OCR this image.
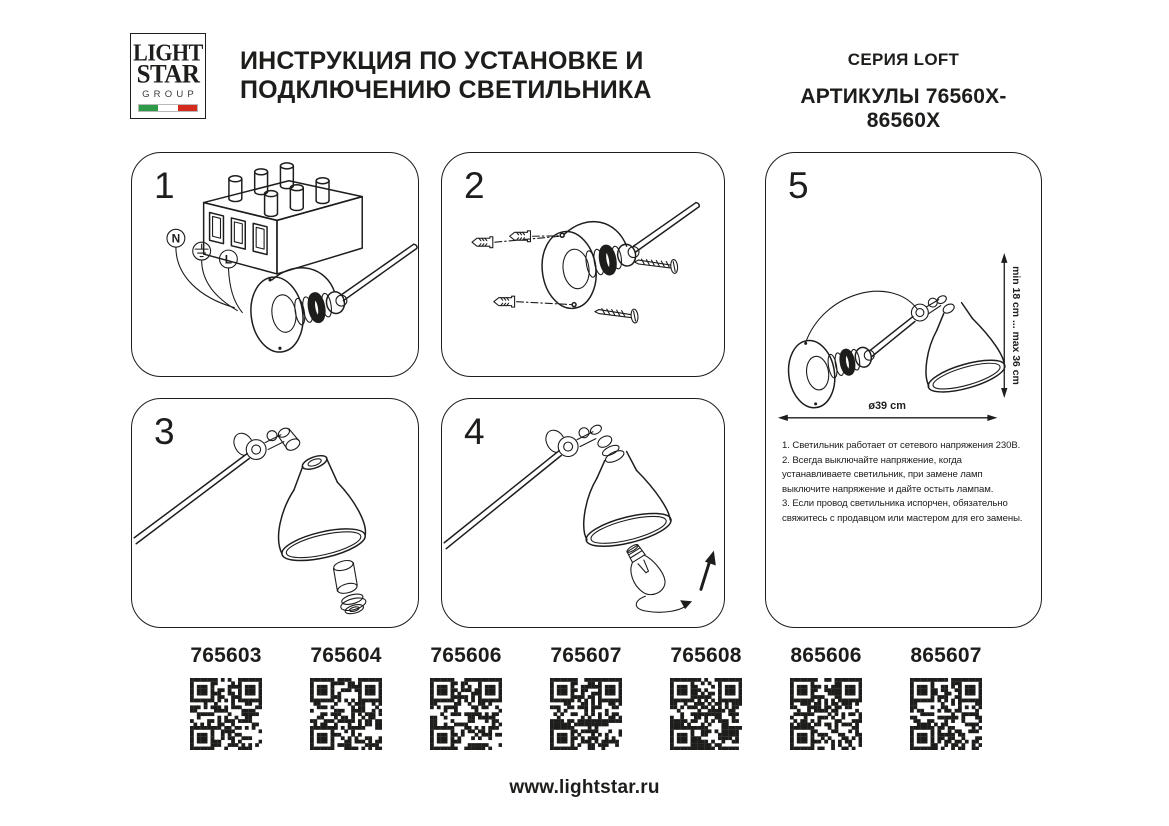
LIGHT
STAR
GROUP
ИНСТРУКЦИЯ ПО УСТАНОВКЕ И
ПОДКЛЮЧЕНИЮ СВЕТИЛЬНИКА
СЕРИЯ LOFT
АРТИКУЛЫ 76560X-86560X
N
L
1	2
3	4
min 18 cm ... max 36 cm
ø39 cm
5
1. Светильник работает от сетевого напряжения 230В.
2. Всегда выключайте напряжение, когда устанавливаете светильник, при замене ламп выключите напряжение и дайте остыть лампам.
3. Если провод светильника испорчен, обязательно свяжитесь с продавцом или мастером для его замены.
765603 765604 765606 765607 765608 865606 865607
www.lightstar.ru
